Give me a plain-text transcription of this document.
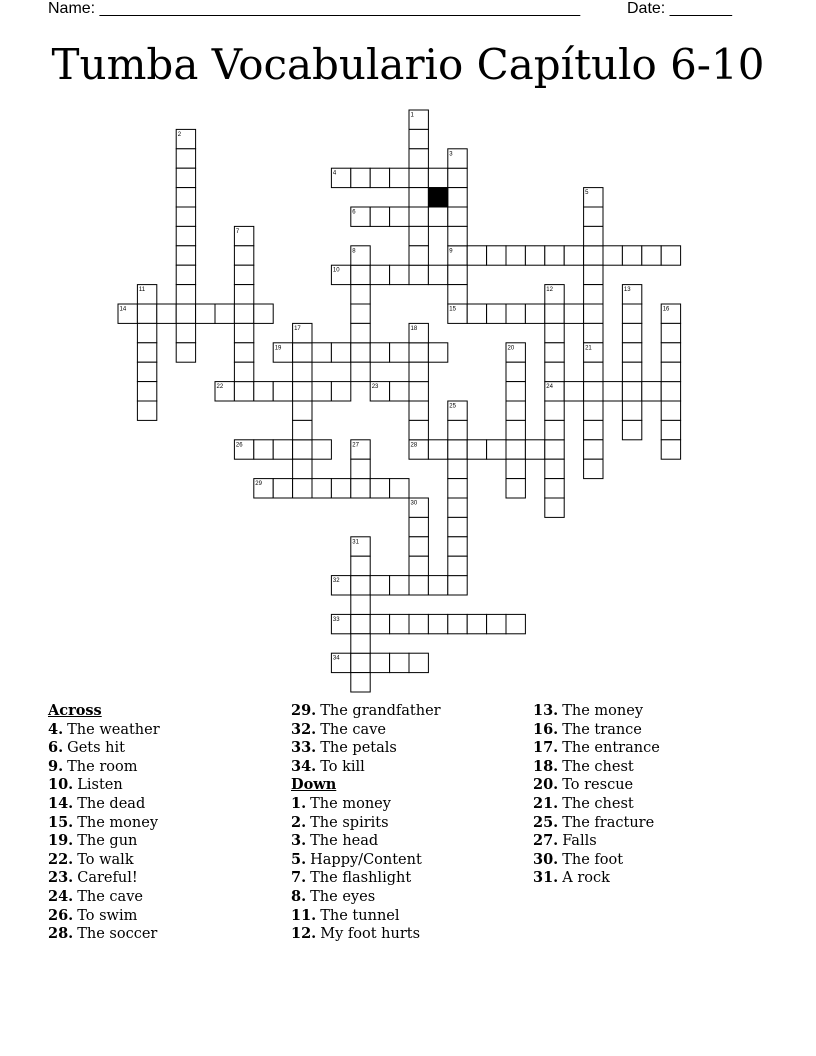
Name: ______________________________________________________	Date: _______
Tumba Vocabulario Capítulo 6-10
4
6
9
10
14	15
19
22	23	24
26	28
29
32
33
34
1
2
3
5
7
8
11	12	13
16
17	18
20	21
25
27
30
31
Across
4. The weather
6. Gets hit
9. The room
10. Listen
14. The dead
15. The money
19. The gun
22. To walk
23. Careful!
24. The cave
26. To swim
28. The soccer
29. The grandfather
32. The cave
33. The petals
34. To kill
Down
1. The money
2. The spirits
3. The head
5. Happy/Content
7. The flashlight
8. The eyes
11. The tunnel
12. My foot hurts
13. The money
16. The trance
17. The entrance
18. The chest
20. To rescue
21. The chest
25. The fracture
27. Falls
30. The foot
31. A rock
